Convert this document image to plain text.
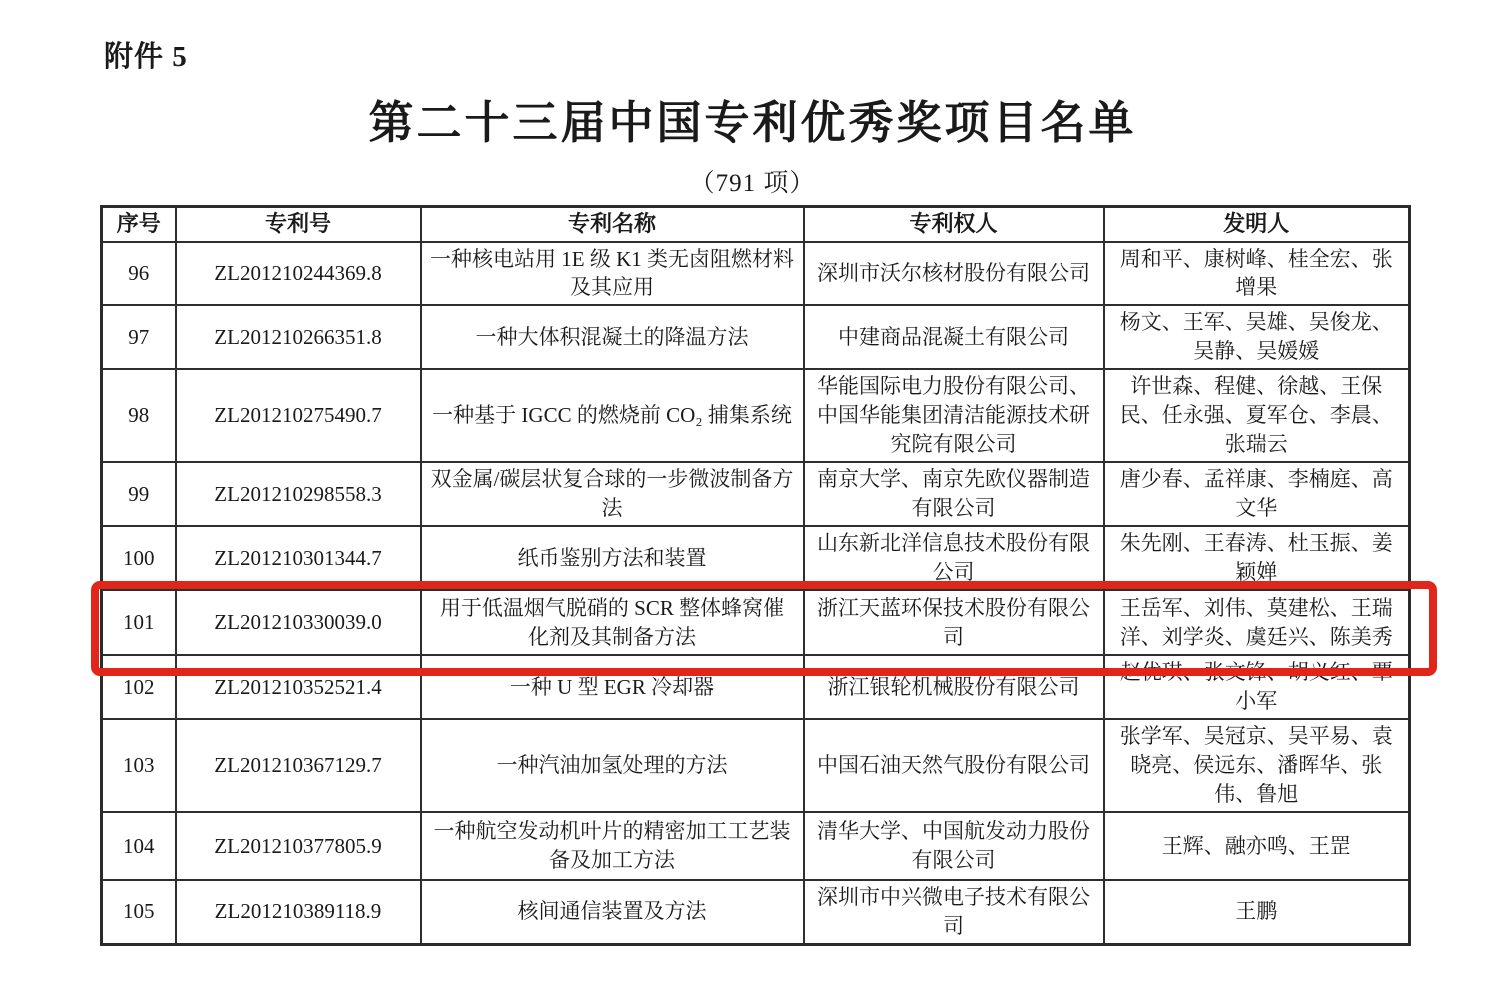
附件 5
第二十三届中国专利优秀奖项目名单
（791 项）
序号	专利号	专利名称	专利权人	发明人
96	ZL201210244369.8	一种核电站用 1E 级 K1 类无卤阻燃材料及其应用	深圳市沃尔核材股份有限公司	周和平、康树峰、桂全宏、张增果
97	ZL201210266351.8	一种大体积混凝土的降温方法	中建商品混凝土有限公司	杨文、王军、吴雄、吴俊龙、吴静、吴媛媛
98	ZL201210275490.7	一种基于 IGCC 的燃烧前 CO₂ 捕集系统	华能国际电力股份有限公司、中国华能集团清洁能源技术研究院有限公司	许世森、程健、徐越、王保民、任永强、夏军仓、李晨、张瑞云
99	ZL201210298558.3	双金属/碳层状复合球的一步微波制备方法	南京大学、南京先欧仪器制造有限公司	唐少春、孟祥康、李楠庭、高文华
100	ZL201210301344.7	纸币鉴别方法和装置	山东新北洋信息技术股份有限公司	朱先刚、王春涛、杜玉振、姜颖婵
101	ZL201210330039.0	用于低温烟气脱硝的 SCR 整体蜂窝催化剂及其制备方法	浙江天蓝环保技术股份有限公司	王岳军、刘伟、莫建松、王瑞洋、刘学炎、虞廷兴、陈美秀
102	ZL201210352521.4	一种 U 型 EGR 冷却器	浙江银轮机械股份有限公司	赵优琪、张文锋、胡义红、覃小军
103	ZL201210367129.7	一种汽油加氢处理的方法	中国石油天然气股份有限公司	张学军、吴冠京、吴平易、袁晓亮、侯远东、潘晖华、张伟、鲁旭
104	ZL201210377805.9	一种航空发动机叶片的精密加工工艺装备及加工方法	清华大学、中国航发动力股份有限公司	王辉、融亦鸣、王罡
105	ZL201210389118.9	核间通信装置及方法	深圳市中兴微电子技术有限公司	王鹏
